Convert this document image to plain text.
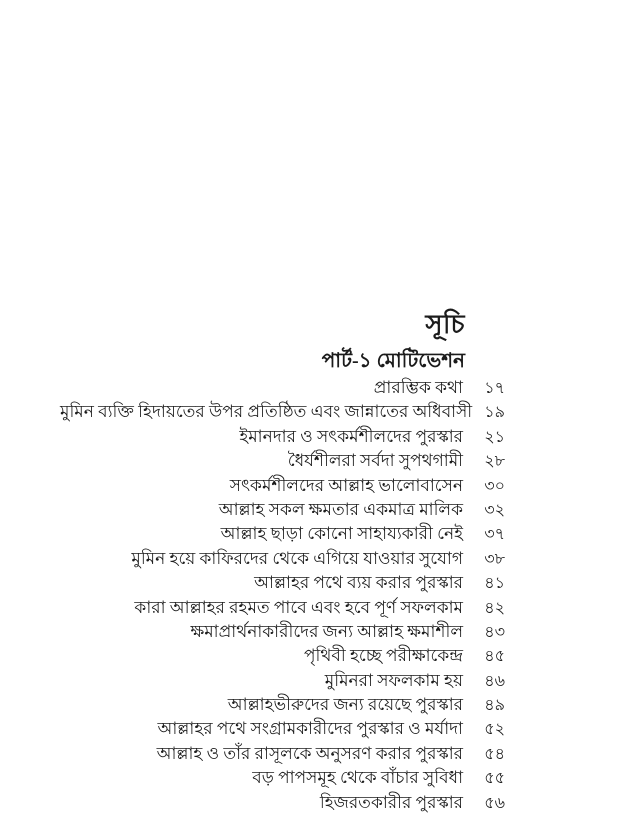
সূচি
পার্ট-১ মোটিভেশন
প্রারম্ভিক কথা	১৭
মুমিন ব্যক্তি হিদায়তের উপর প্রতিষ্ঠিত এবং জান্নাতের অধিবাসী ১৯
ইমানদার ও সৎকর্মশীলদের পুরস্কার	২১
ধৈর্যশীলরা সর্বদা সুপথগামী	২৮
সৎকর্মশীলদের আল্লাহ ভালোবাসেন	৩০
আল্লাহ সকল ক্ষমতার একমাত্র মালিক	৩২
আল্লাহ ছাড়া কোনো সাহায্যকারী নেই	৩৭
মুমিন হয়ে কাফিরদের থেকে এগিয়ে যাওয়ার সুযোগ	৩৮
আল্লাহর পথে ব্যয় করার পুরস্কার	৪১
কারা আল্লাহর রহমত পাবে এবং হবে পূর্ণ সফলকাম	৪২
ক্ষমাপ্রার্থনাকারীদের জন্য আল্লাহ ক্ষমাশীল	৪৩
পৃথিবী হচ্ছে পরীক্ষাকেন্দ্র	৪৫
মুমিনরা সফলকাম হয়	৪৬
আল্লাহভীরুদের জন্য রয়েছে পুরস্কার	৪৯
আল্লাহর পথে সংগ্রামকারীদের পুরস্কার ও মর্যাদা	৫২
আল্লাহ ও তাঁর রাসূলকে অনুসরণ করার পুরস্কার	৫৪
বড় পাপসমূহ থেকে বাঁচার সুবিধা	৫৫
হিজরতকারীর পুরস্কার	৫৬
